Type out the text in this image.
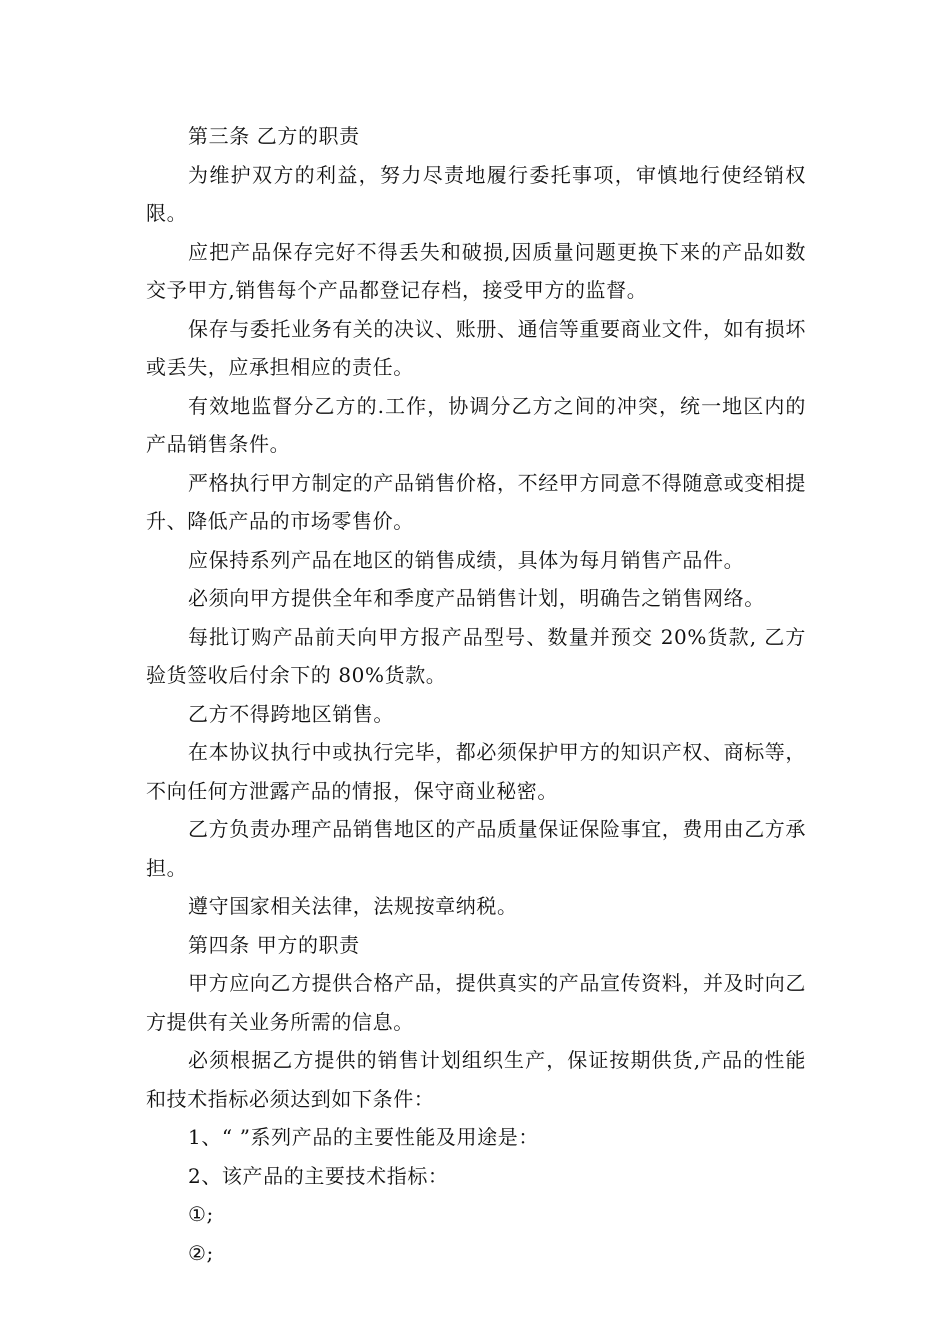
第三条 乙方的职责

为维护双方的利益，努力尽责地履行委托事项，审慎地行使经销权限。

应把产品保存完好不得丢失和破损,因质量问题更换下来的产品如数交予甲方,销售每个产品都登记存档，接受甲方的监督。

保存与委托业务有关的决议、账册、通信等重要商业文件，如有损坏或丢失，应承担相应的责任。

有效地监督分乙方的.工作，协调分乙方之间的冲突，统一地区内的产品销售条件。

严格执行甲方制定的产品销售价格，不经甲方同意不得随意或变相提升、降低产品的市场零售价。

应保持系列产品在地区的销售成绩，具体为每月销售产品件。

必须向甲方提供全年和季度产品销售计划，明确告之销售网络。

每批订购产品前天向甲方报产品型号、数量并预交 20%货款, 乙方验货签收后付余下的 80%货款。

乙方不得跨地区销售。

在本协议执行中或执行完毕，都必须保护甲方的知识产权、商标等，不向任何方泄露产品的情报，保守商业秘密。

乙方负责办理产品销售地区的产品质量保证保险事宜，费用由乙方承担。

遵守国家相关法律，法规按章纳税。

第四条 甲方的职责

甲方应向乙方提供合格产品，提供真实的产品宣传资料，并及时向乙方提供有关业务所需的信息。

必须根据乙方提供的销售计划组织生产，保证按期供货,产品的性能和技术指标必须达到如下条件：

1、“ ”系列产品的主要性能及用途是：

2、该产品的主要技术指标：

①;

②;
